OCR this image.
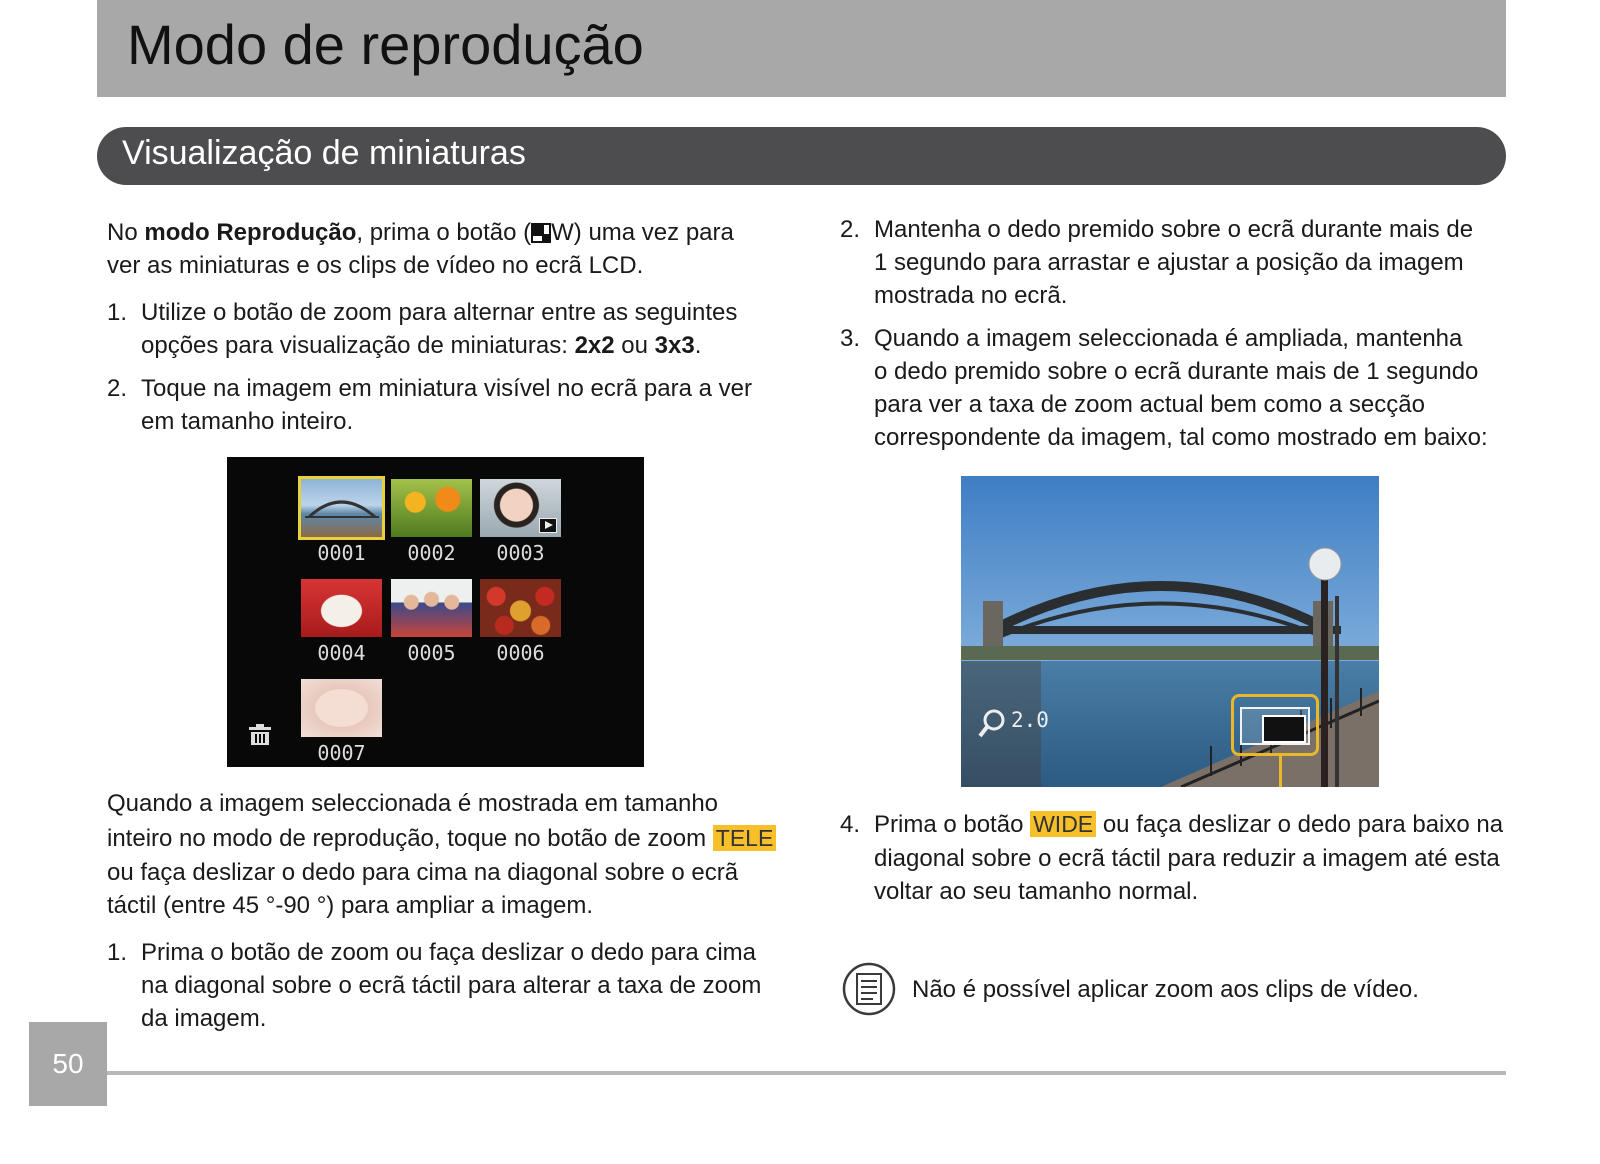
Modo de reprodução
Visualização de miniaturas
No modo Reprodução, prima o botão ( W) uma vez para
ver as miniaturas e os clips de vídeo no ecrã LCD.
1. Utilize o botão de zoom para alternar entre as seguintes
opções para visualização de miniaturas: 2x2 ou 3x3.
2. Toque na imagem em miniatura visível no ecrã para a ver
em tamanho inteiro.
0001	0002	0003
0004	0005	0006
0007
Quando a imagem seleccionada é mostrada em tamanho
inteiro no modo de reprodução, toque no botão de zoom TELE
ou faça deslizar o dedo para cima na diagonal sobre o ecrã
táctil (entre 45 °-90 °) para ampliar a imagem.
1. Prima o botão de zoom ou faça deslizar o dedo para cima
na diagonal sobre o ecrã táctil para alterar a taxa de zoom
da imagem.
2. Mantenha o dedo premido sobre o ecrã durante mais de
1 segundo para arrastar e ajustar a posição da imagem
mostrada no ecrã.
3. Quando a imagem seleccionada é ampliada, mantenha
o dedo premido sobre o ecrã durante mais de 1 segundo
para ver a taxa de zoom actual bem como a secção
correspondente da imagem, tal como mostrado em baixo:
2.0
4. Prima o botão WIDE ou faça deslizar o dedo para baixo na
diagonal sobre o ecrã táctil para reduzir a imagem até esta
voltar ao seu tamanho normal.
Não é possível aplicar zoom aos clips de vídeo.
50
